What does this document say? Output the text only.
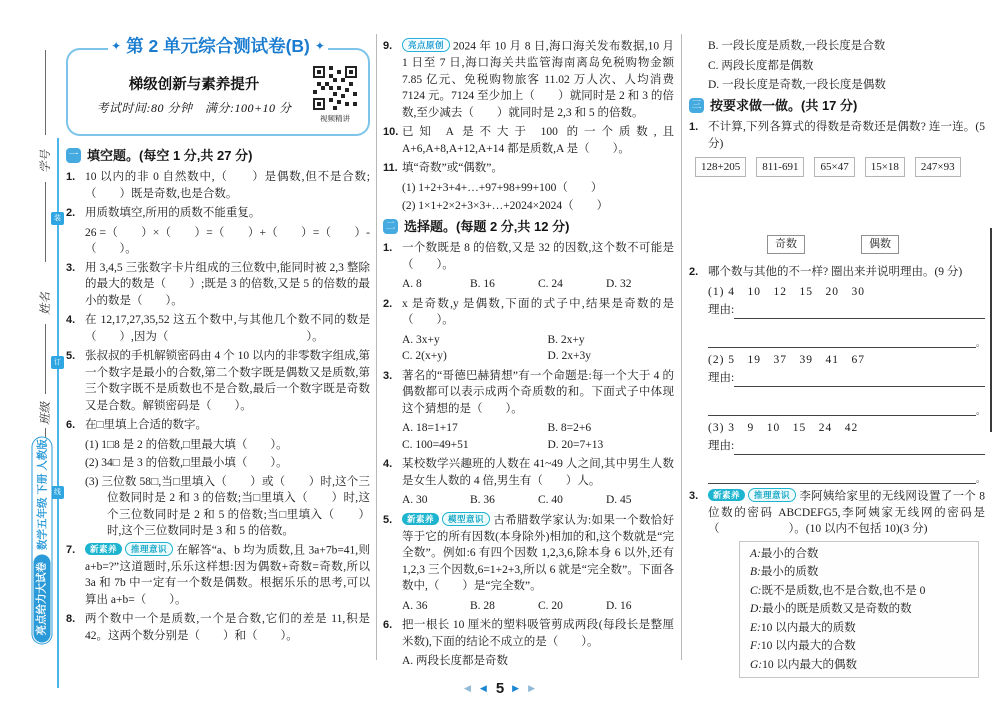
学号
姓名
班级
装
订
线
亮点给力大试卷
数学五年级 下册 人教版
✦ 第 2 单元综合测试卷(B) ✦
梯级创新与素养提升
考试时间:80 分钟　满分:100+10 分
视频精讲
一 填空题。(每空 1 分,共 27 分)
1. 10 以内的非 0 自然数中,（　　）是偶数,但不是合数;（　　）既是奇数,也是合数。
2. 用质数填空,所用的质数不能重复。
26 =（　　）×（　　）=（　　）+（　　）=（　　）-（　　）。
3. 用 3,4,5 三张数字卡片组成的三位数中,能同时被 2,3 整除的最大的数是（　　）;既是 3 的倍数,又是 5 的倍数的最小的数是（　　）。
4. 在 12,17,27,35,52 这五个数中,与其他几个数不同的数是（　　）,因为（　　　　　　　　　　　　）。
5. 张叔叔的手机解锁密码由 4 个 10 以内的非零数字组成,第一个数字是最小的合数,第二个数字既是偶数又是质数,第三个数字既不是质数也不是合数,最后一个数字既是奇数又是合数。解锁密码是（　　）。
6. 在□里填上合适的数字。
(1) 1□8 是 2 的倍数,□里最大填（　　）。
(2) 34□ 是 3 的倍数,□里最小填（　　）。
(3) 三位数 58□,当□里填入（　　）或（　　）时,这个三位数同时是 2 和 3 的倍数;当□里填入（　　）时,这个三位数同时是 2 和 5 的倍数;当□里填入（　　）时,这个三位数同时是 3 和 5 的倍数。
7.	新素养 推理意识 在解答“a、b 均为质数,且 3a+7b=41,则 a+b=?”这道题时,乐乐这样想:因为偶数+奇数=奇数,所以 3a 和 7b 中一定有一个数是偶数。根据乐乐的思考,可以算出 a+b=（　　）。
8. 两个数中一个是质数,一个是合数,它们的差是 11,积是 42。这两个数分别是（　　）和（　　）。
9.	亮点原创 2024 年 10 月 8 日,海口海关发布数据,10 月 1 日至 7 日,海口海关共监管海南离岛免税购物金额 7.85 亿元、免税购物旅客 11.02 万人次、人均消费 7124 元。7124 至少加上（　　）就同时是 2 和 3 的倍数,至少减去（　　）就同时是 2,3 和 5 的倍数。
10. 已知 A 是不大于 100 的一个质数,且 A+6,A+8,A+12,A+14 都是质数,A 是（　　）。
11. 填“奇数”或“偶数”。
(1) 1+2+3+4+…+97+98+99+100（　　）
(2) 1×1+2×2+3×3+…+2024×2024（　　）
二 选择题。(每题 2 分,共 12 分)
1. 一个数既是 8 的倍数,又是 32 的因数,这个数不可能是（　　）。
A. 8	B. 16	C. 24	D. 32
2. x 是奇数,y 是偶数,下面的式子中,结果是奇数的是（　　）。
A. 3x+y	B. 2x+y
C. 2(x+y)	D. 2x+3y
3. 著名的“哥德巴赫猜想”有一个命题是:每一个大于 4 的偶数都可以表示成两个奇质数的和。下面式子中体现这个猜想的是（　　）。
A. 18=1+17	B. 8=2+6
C. 100=49+51	D. 20=7+13
4. 某校数学兴趣班的人数在 41~49 人之间,其中男生人数是女生人数的 4 倍,男生有（　　）人。
A. 30	B. 36	C. 40	D. 45
5.	新素养 模型意识 古希腊数学家认为:如果一个数恰好等于它的所有因数(本身除外)相加的和,这个数就是“完全数”。例如:6 有四个因数 1,2,3,6,除本身 6 以外,还有 1,2,3 三个因数,6=1+2+3,所以 6 就是“完全数”。下面各数中,（　　）是“完全数”。
A. 36	B. 28	C. 20	D. 16
6. 把一根长 10 厘米的塑料吸管剪成两段(每段长是整厘米数),下面的结论不成立的是（　　）。
A. 两段长度都是奇数
B. 一段长度是质数,一段长度是合数
C. 两段长度都是偶数
D. 一段长度是奇数,一段长度是偶数
三 按要求做一做。(共 17 分)
1. 不计算,下列各算式的得数是奇数还是偶数? 连一连。(5 分)
128+205	811-691	65×47	15×18	247×93
奇数	偶数
2. 哪个数与其他的不一样? 圈出来并说明理由。(9 分)
(1) 4　10　12　15　20　30
理由:
。
(2) 5　19　37　39　41　67
理由:
。
(3) 3　9　10　15　24　42
理由:
。
3.	新素养 推理意识 李阿姨给家里的无线网设置了一个 8 位数的密码 ABCDEFG5,李阿姨家无线网的密码是（　　　　　　）。(10 以内不包括 10)(3 分)
A:最小的合数
B:最小的质数
C:既不是质数,也不是合数,也不是 0
D:最小的既是质数又是奇数的数
E:10 以内最大的质数
F:10 以内最大的合数
G:10 以内最大的偶数
◀ ◀ 5 ▶ ▶
